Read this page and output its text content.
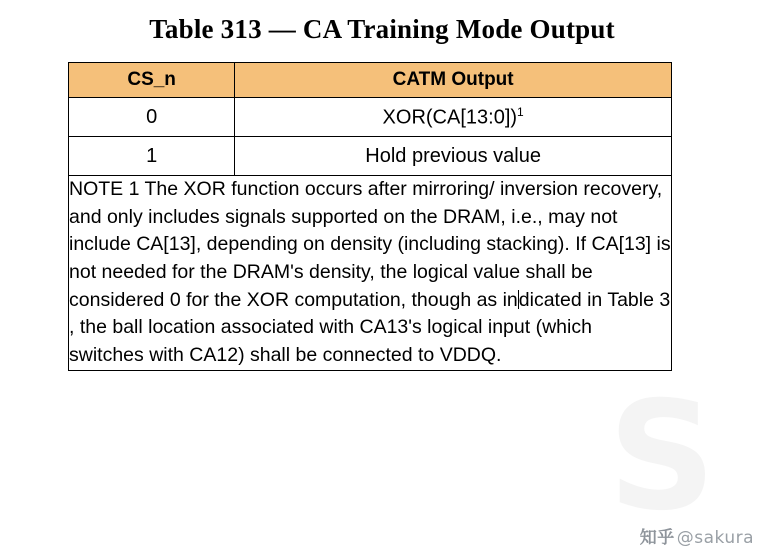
Table 313 — CA Training Mode Output
CS_n	CATM Output
0	XOR(CA[13:0])$^1$
1	Hold previous value
NOTE 1 The XOR function occurs after mirroring/ inversion recovery, and only includes signals supported on the DRAM, i.e., may not include CA[13], depending on density (including stacking). If CA[13] is not needed for the DRAM's density, the logical value shall be considered 0 for the XOR computation, though as indicated in Table 3 , the ball location associated with CA13's logical input (which switches with CA12) shall be connected to VDDQ.	
知乎 @sakura
